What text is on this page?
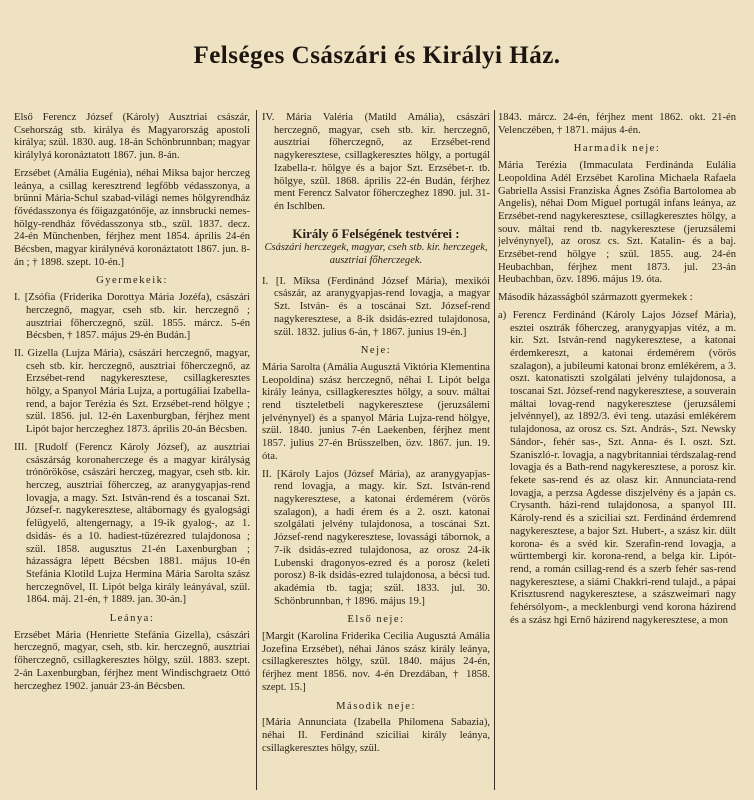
Felséges Császári és Királyi Ház.

Első Ferencz József (Károly) Ausztriai császár, Csehország stb. királya és Magyarország apostoli királya; szül. 1830. aug. 18-án Schönbrunnban; magyar királylyá koronáztatott 1867. jun. 8-án.

Erzsébet (Amália Eugénia), néhai Miksa bajor herczeg leánya, a csillag keresztrend legfőbb védasszonya, a brünni Mária-Schul szabad-világi nemes hölgyrendház fővédasszonya és főigazgatónője, az innsbrucki nemes-hölgy-rendház fővédasszonya stb., szül. 1837. decz. 24-én Münchenben, férjhez ment 1854. április 24-én Bécsben, magyar királynévá koronáztatott 1867. jun. 8-án ; † 1898. szept. 10-én.]

Gyermekeik:

I. [Zsófia (Friderika Dorottya Mária Jozéfa), császári herczegnő, magyar, cseh stb. kir. herczegnő ; ausztriai főherczegnő, szül. 1855. márcz. 5-én Bécsben, † 1857. május 29-én Budán.]

II. Gizella (Lujza Mária), császári herczegnő, magyar, cseh stb. kir. herczegnő, ausztriai főherczegnő, az Erzsébet-rend nagykeresztese, csillagkeresztes hölgy, a Spanyol Mária Lujza, a portugáliai Izabella-rend, a bajor Terézia és Szt. Erzsébet-rend hölgye ; szül. 1856. jul. 12-én Laxenburgban, férjhez ment Lipót bajor herczeghez 1873. április 20-án Bécsben.

III. [Rudolf (Ferencz Károly József), az ausztriai császárság koronaherczege és a magyar királyság trónörököse, császári herczeg, magyar, cseh stb. kir. herczeg, ausztriai főherczeg, az aranygyapjas-rend lovagja, a magy. Szt. István-rend és a toscanai Szt. József-r. nagykeresztese, altábornagy és gyalogsági felügyelő, altengernagy, a 19-ik gyalog-, az 1. dsidás- és a 10. hadiest-tüzérezred tulajdonosa ; szül. 1858. augusztus 21-én Laxenburgban ; házasságra lépett Bécsben 1881. május 10-én Stefánia Klotild Lujza Hermina Mária Sarolta szász herczegnővel, II. Lipót belga király leányával, szül. 1864. máj. 21-én, † 1889. jan. 30-án.]

Leánya:

Erzsébet Mária (Henriette Stefánia Gizella), császári herczegnő, magyar, cseh, stb. kir. herczegnő, ausztriai főherczegnő, csillagkeresztes hölgy, szül. 1883. szept. 2-án Laxenburgban, férjhez ment Windischgraetz Ottó herczeghez 1902. január 23-án Bécsben.

IV. Mária Valéria (Matild Amália), császári herczegnő, magyar, cseh stb. kir. herczegnő, ausztriai főherczegnő, az Erzsébet-rend nagykeresztese, csillagkeresztes hölgy, a portugál Izabella-r. hölgye és a bajor Szt. Erzsébet-r. tb. hölgye, szül. 1868. április 22-én Budán, férjhez ment Ferencz Salvator főherczeghez 1890. jul. 31-én Ischlben.

Király ő Felségének testvérei :
Császári herczegek, magyar, cseh stb. kir. herczegek, ausztriai főherczegek.

I. [I. Miksa (Ferdinánd József Mária), mexikói császár, az aranygyapjas-rend lovagja, a magyar Szt. István- és a toscánai Szt. József-rend nagykeresztese, a 8-ik dsidás-ezred tulajdonosa, szül. 1832. julius 6-án, † 1867. junius 19-én.]

Neje:

Mária Sarolta (Amália Augusztá Viktória Klementina Leopoldina) szász herczegnő, néhai I. Lipót belga király leánya, csillagkeresztes hölgy, a souv. máltai rend tiszteletbeli nagykeresztese (jeruzsálemi jelvénynyel) és a spanyol Mária Lujza-rend hölgye, szül. 1840. junius 7-én Laekenben, férjhez ment 1857. julius 27-én Brüsszelben, özv. 1867. jun. 19. óta.

II. [Károly Lajos (József Mária), az aranygyapjas-rend lovagja, a magy. kir. Szt. István-rend nagykeresztese, a katonai érdemérem (vörös szalagon), a hadi érem és a 2. oszt. katonai szolgálati jelvény tulajdonosa, a toscánai Szt. József-rend nagykeresztese, lovassági tábornok, a 7-ik dsidás-ezred tulajdonosa, az orosz 24-ik Lubenski dragonyos-ezred és a porosz (keleti porosz) 8-ik dsidás-ezred tulajdonosa, a bécsi tud. akadémia tb. tagja; szül. 1833. jul. 30. Schönbrunnban, † 1896. május 19.]

Első neje:

[Margit (Karolina Friderika Cecilia Augusztá Amália Jozefina Erzsébet), néhai János szász király leánya, csillagkeresztes hölgy, szül. 1840. május 24-én, férjhez ment 1856. nov. 4-én Drezdában, † 1858. szept. 15.]

Második neje:

[Mária Annunciata (Izabella Philomena Sabazia), néhai II. Ferdinánd sziciliai király leánya, csillagkeresztes hölgy, szül.

1843. márcz. 24-én, férjhez ment 1862. okt. 21-én Velenczében, † 1871. május 4-én.

Harmadik neje:

Mária Terézia (Immaculata Ferdinánda Eulália Leopoldina Adél Erzsébet Karolina Michaela Rafaela Gabriella Assisi Franziska Ágnes Zsófia Bartolomea ab Angelis), néhai Dom Miguel portugál infans leánya, az Erzsébet-rend nagykeresztese, csillagkeresztes hölgy, a souv. máltai rend tb. nagykeresztese (jeruzsálemi jelvénynyel), az orosz cs. Szt. Katalin- és a baj. Erzsébet-rend hölgye ; szül. 1855. aug. 24-én Heubachban, férjhez ment 1873. jul. 23-án Heubachban, özv. 1896. május 19. óta.

Második házasságból származott gyermekek :

a) Ferencz Ferdinánd (Károly Lajos József Mária), esztei osztrák főherczeg, aranygyapjas vitéz, a m. kir. Szt. István-rend nagykeresztese, a katonai érdemkereszt, a katonai érdemérem (vörös szalagon), a jubileumi katonai bronz emlékérem, a 3. oszt. katonatiszti szolgálati jelvény tulajdonosa, a toscanai Szt. József-rend nagykeresztese, a souverain máltai lovag-rend nagykeresztese (jeruzsálemi jelvénnyel), az 1892/3. évi teng. utazási emlékérem tulajdonosa, az orosz cs. Szt. András-, Szt. Newsky Sándor-, fehér sas-, Szt. Anna- és I. oszt. Szt. Szaniszló-r. lovagja, a nagybritanniai térdszalag-rend lovagja és a Bath-rend nagykeresztese, a porosz kir. fekete sas-rend és az olasz kir. Annunciata-rend lovagja, a perzsa Agdesse diszjelvény és a japán cs. Crysanth. házi-rend tulajdonosa, a spanyol III. Károly-rend és a sziciliai szt. Ferdinánd érdemrend nagykeresztese, a bajor Szt. Hubert-, a szász kir. dült korona- és a svéd kir. Szerafin-rend lovagja, a württembergi kir. korona-rend, a belga kir. Lipót-rend, a román csillag-rend és a szerb fehér sas-rend nagykeresztese, a siámi Chakkri-rend tulajd., a pápai Krisztusrend nagykeresztese, a szászweimari nagy fehérsólyom-, a mecklenburgi vend korona házirend és a szász hgi Ernő házirend nagykeresztese, a mon
